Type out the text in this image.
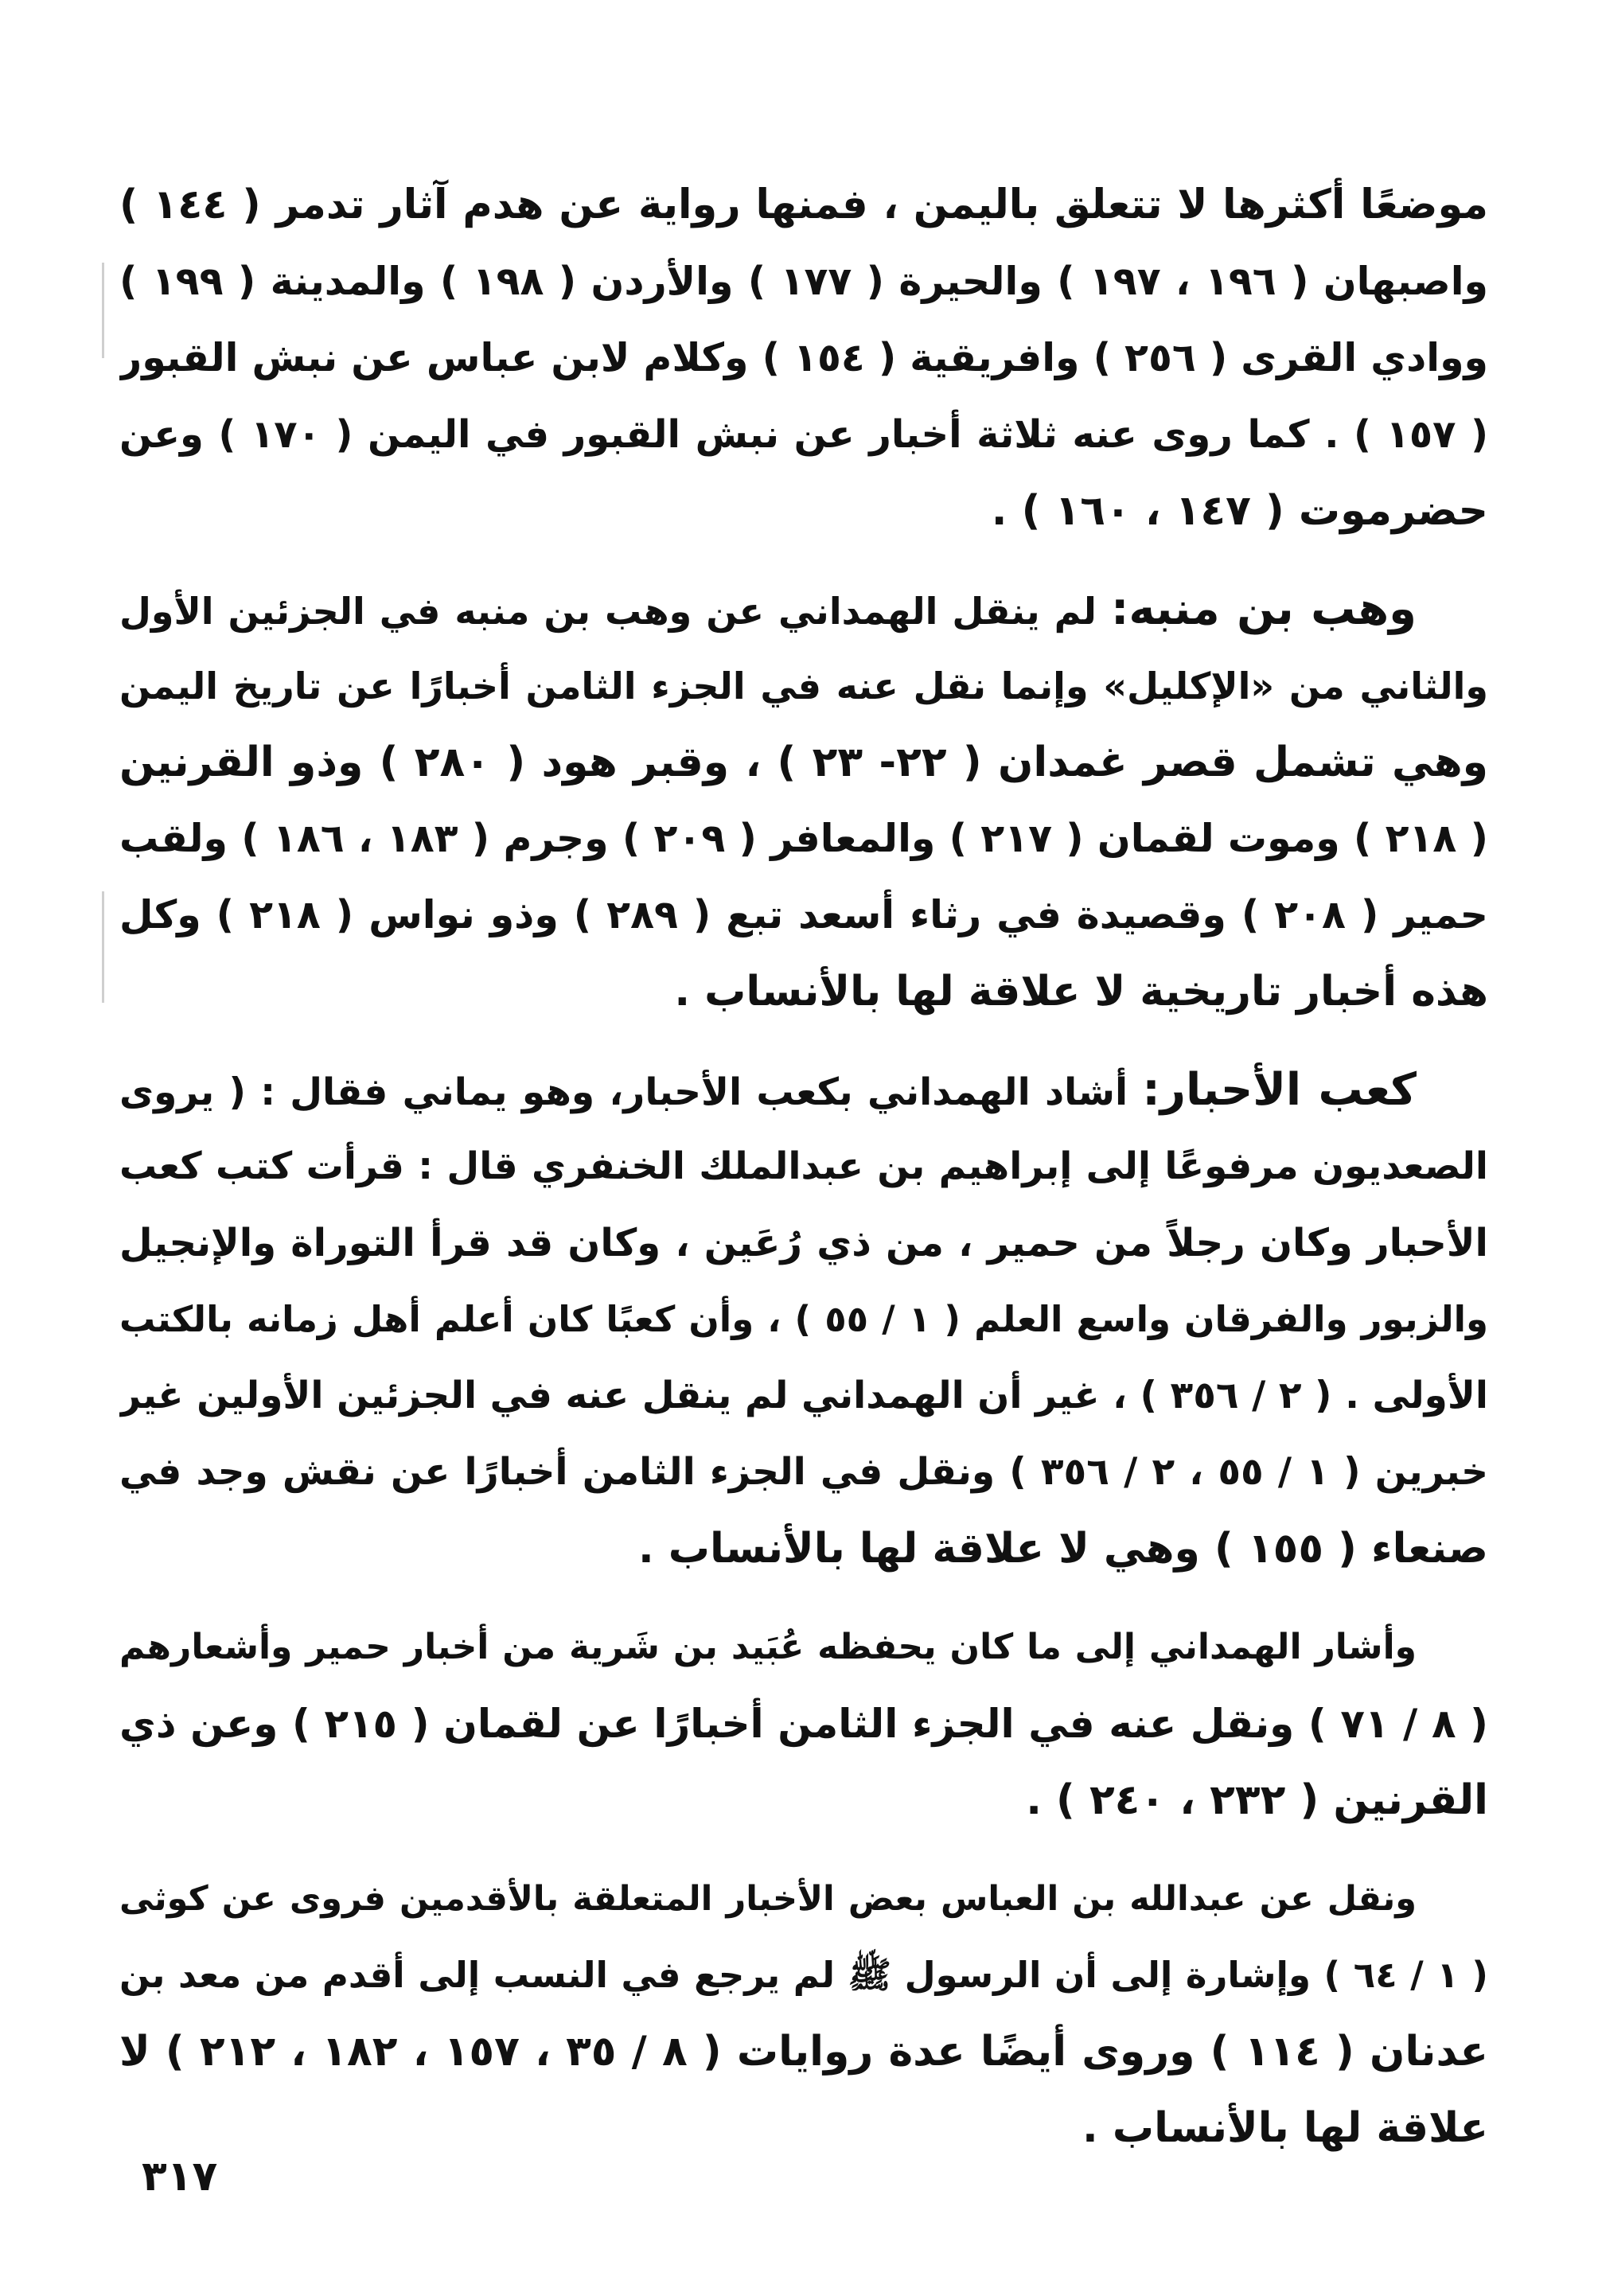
موضعًا أكثرها لا تتعلق باليمن ، فمنها رواية عن هدم آثار تدمر ( ١٤٤ )
واصبهان ( ١٩٦ ، ١٩٧ ) والحيرة ( ١٧٧ ) والأردن ( ١٩٨ ) والمدينة ( ١٩٩ )
ووادي القرى ( ٢٥٦ ) وافريقية ( ١٥٤ ) وكلام لابن عباس عن نبش القبور
( ١٥٧ ) . كما روى عنه ثلاثة أخبار عن نبش القبور في اليمن ( ١٧٠ ) وعن
حضرموت ( ١٤٧ ، ١٦٠ ) .
وهب بن منبه: لم ينقل الهمداني عن وهب بن منبه في الجزئين الأول
والثاني من «الإكليل» وإنما نقل عنه في الجزء الثامن أخبارًا عن تاريخ اليمن
وهي تشمل قصر غمدان ( ٢٢- ٢٣ ) ، وقبر هود ( ٢٨٠ ) وذو القرنين
( ٢١٨ ) وموت لقمان ( ٢١٧ ) والمعافر ( ٢٠٩ ) وجرم ( ١٨٣ ، ١٨٦ ) ولقب
حمير ( ٢٠٨ ) وقصيدة في رثاء أسعد تبع ( ٢٨٩ ) وذو نواس ( ٢١٨ ) وكل
هذه أخبار تاريخية لا علاقة لها بالأنساب .
كعب الأحبار: أشاد الهمداني بكعب الأحبار، وهو يماني فقال : ( يروى
الصعديون مرفوعًا إلى إبراهيم بن عبدالملك الخنفري قال : قرأت كتب كعب
الأحبار وكان رجلاً من حمير ، من ذي رُعَين ، وكان قد قرأ التوراة والإنجيل
والزبور والفرقان واسع العلم ( ١ / ٥٥ ) ، وأن كعبًا كان أعلم أهل زمانه بالكتب
الأولى . ( ٢ / ٣٥٦ ) ، غير أن الهمداني لم ينقل عنه في الجزئين الأولين غير
خبرين ( ١ / ٥٥ ، ٢ / ٣٥٦ ) ونقل في الجزء الثامن أخبارًا عن نقش وجد في
صنعاء ( ١٥٥ ) وهي لا علاقة لها بالأنساب .
وأشار الهمداني إلى ما كان يحفظه عُبَيد بن شَرية من أخبار حمير وأشعارهم
( ٨ / ٧١ ) ونقل عنه في الجزء الثامن أخبارًا عن لقمان ( ٢١٥ ) وعن ذي
القرنين ( ٢٣٢ ، ٢٤٠ ) .
ونقل عن عبدالله بن العباس بعض الأخبار المتعلقة بالأقدمين فروى عن كوثى
( ١ / ٦٤ ) وإشارة إلى أن الرسول ﷺ لم يرجع في النسب إلى أقدم من معد بن
عدنان ( ١١٤ ) وروى أيضًا عدة روايات ( ٨ / ٣٥ ، ١٥٧ ، ١٨٢ ، ٢١٢ ) لا
علاقة لها بالأنساب .
٣١٧
